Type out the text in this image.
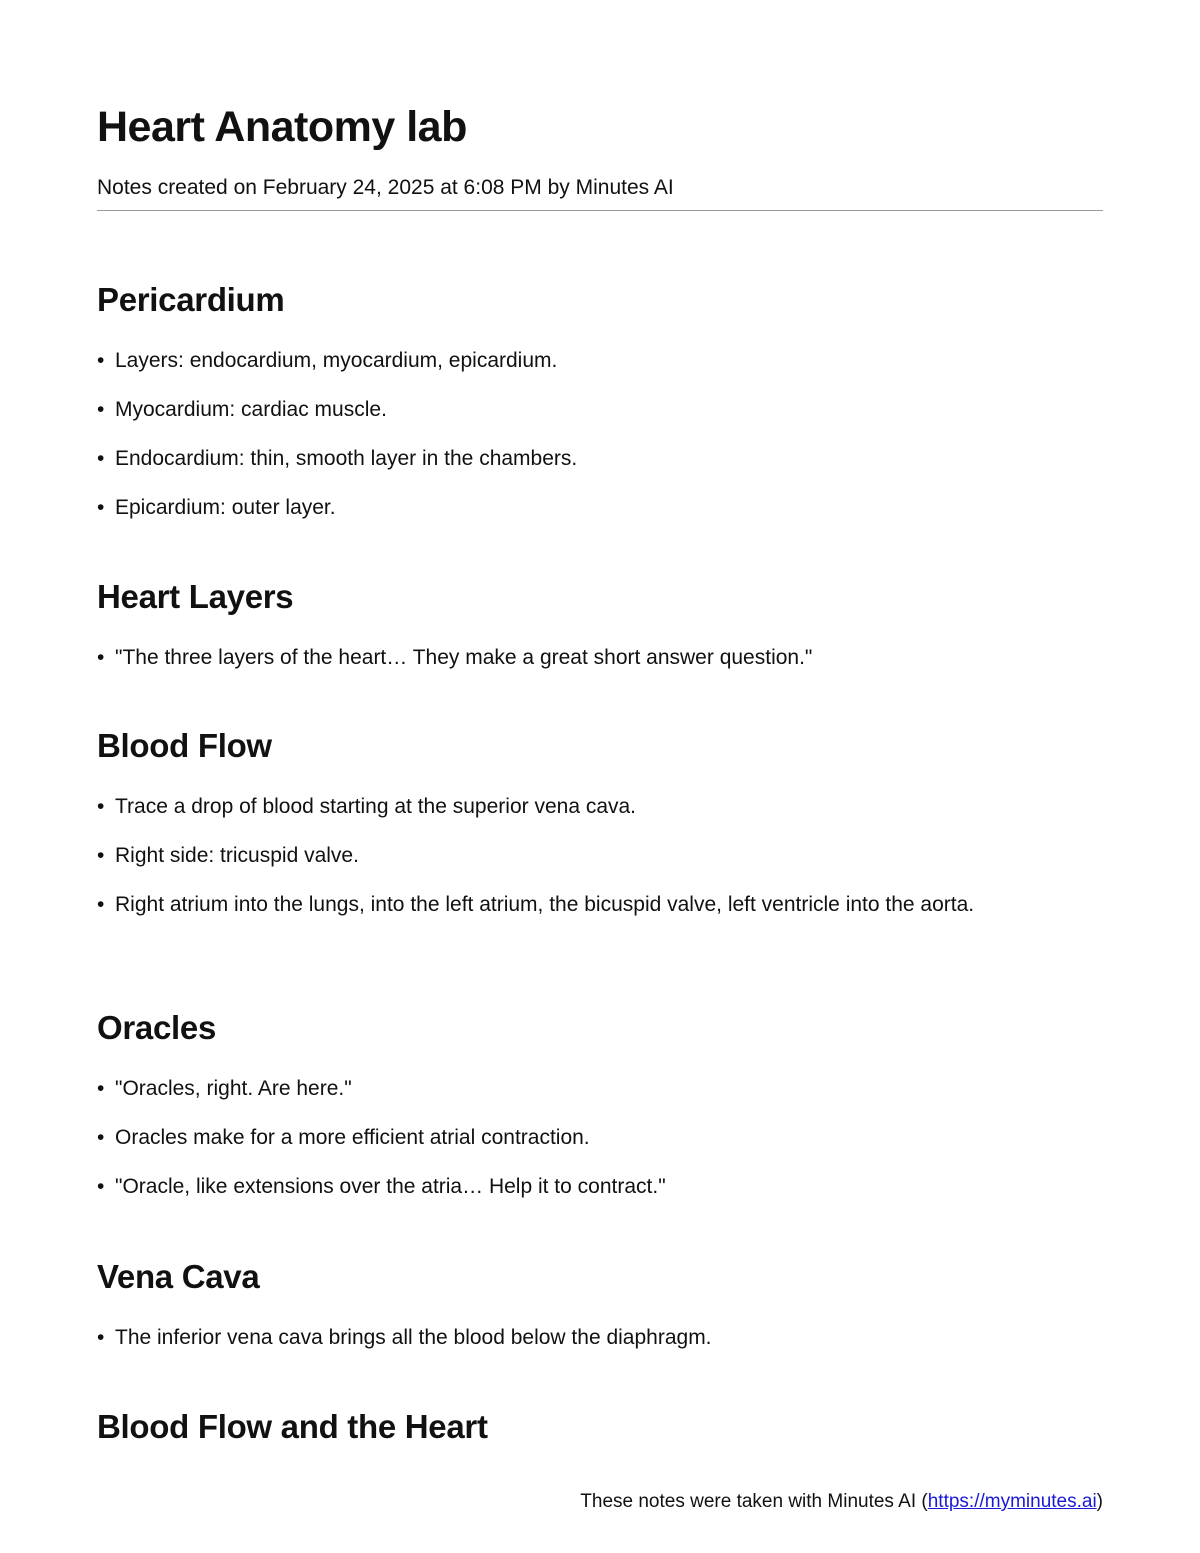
Heart Anatomy lab
Notes created on February 24, 2025 at 6:08 PM by Minutes AI
Pericardium
• Layers: endocardium, myocardium, epicardium.
• Myocardium: cardiac muscle.
• Endocardium: thin, smooth layer in the chambers.
• Epicardium: outer layer.
Heart Layers
• "The three layers of the heart… They make a great short answer question."
Blood Flow
• Trace a drop of blood starting at the superior vena cava.
• Right side: tricuspid valve.
• Right atrium into the lungs, into the left atrium, the bicuspid valve, left ventricle into the aorta.
Oracles
• "Oracles, right. Are here."
• Oracles make for a more efficient atrial contraction.
• "Oracle, like extensions over the atria… Help it to contract."
Vena Cava
• The inferior vena cava brings all the blood below the diaphragm.
Blood Flow and the Heart
These notes were taken with Minutes AI (https://myminutes.ai)
